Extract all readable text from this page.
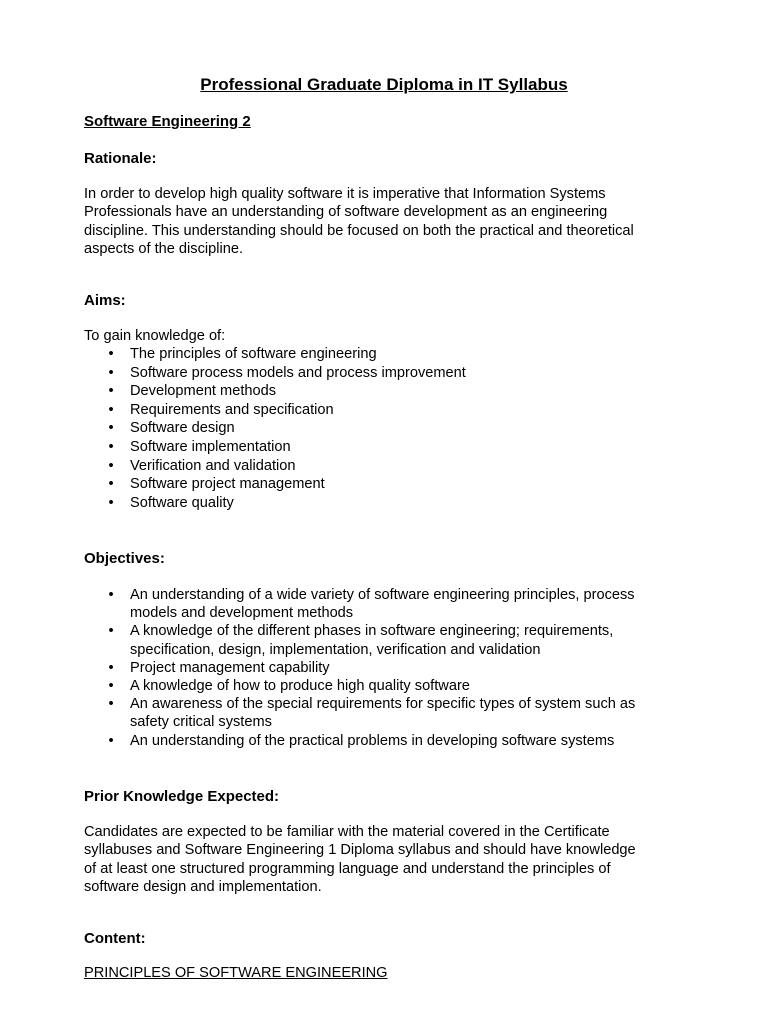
Professional Graduate Diploma in IT Syllabus
Software Engineering 2
Rationale:
In order to develop high quality software it is imperative that Information Systems
Professionals have an understanding of software development as an engineering
discipline. This understanding should be focused on both the practical and theoretical
aspects of the discipline.
Aims:
To gain knowledge of:
• The principles of software engineering
• Software process models and process improvement
• Development methods
• Requirements and specification
• Software design
• Software implementation
• Verification and validation
• Software project management
• Software quality
Objectives:
• An understanding of a wide variety of software engineering principles, process
models and development methods
• A knowledge of the different phases in software engineering; requirements,
specification, design, implementation, verification and validation
• Project management capability
• A knowledge of how to produce high quality software
• An awareness of the special requirements for specific types of system such as
safety critical systems
• An understanding of the practical problems in developing software systems
Prior Knowledge Expected:
Candidates are expected to be familiar with the material covered in the Certificate
syllabuses and Software Engineering 1 Diploma syllabus and should have knowledge
of at least one structured programming language and understand the principles of
software design and implementation.
Content:
PRINCIPLES OF SOFTWARE ENGINEERING
